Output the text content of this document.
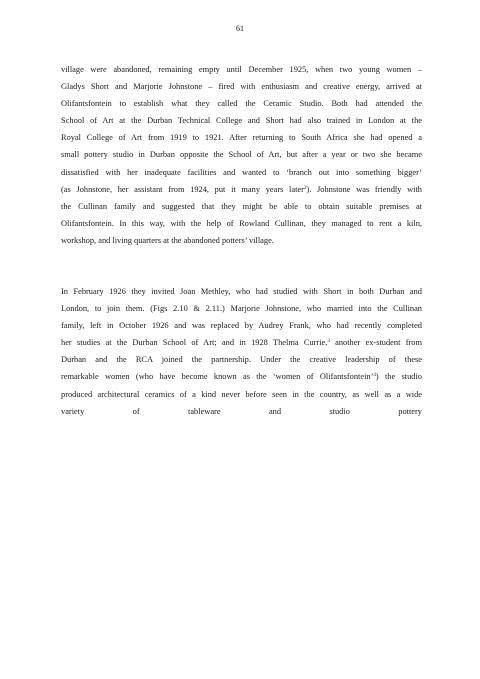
61
village were abandoned, remaining empty until December 1925, when two young women –
Gladys Short and Marjorie Johnstone – fired with enthusiasm and creative energy, arrived at
Olifantsfontein to establish what they called the Ceramic Studio. Both had attended the
School of Art at the Durban Technical College and Short had also trained in London at the
Royal College of Art from 1919 to 1921. After returning to South Africa she had opened a
small pottery studio in Durban opposite the School of Art, but after a year or two she became
dissatisfied with her inadequate facilities and wanted to ‘branch out into something bigger’
(as Johnstone, her assistant from 1924, put it many years later$^2$). Johnstone was friendly with
the Cullinan family and suggested that they might be able to obtain suitable premises at
Olifantsfontein. In this way, with the help of Rowland Cullinan, they managed to rent a kiln,
workshop, and living quarters at the abandoned potters’ village.
In February 1926 they invited Joan Methley, who had studied with Short in both Durban and
London, to join them. (Figs 2.10 & 2.11.) Marjorie Johnstone, who married into the Cullinan
family, left in October 1926 and was replaced by Audrey Frank, who had recently completed
her studies at the Durban School of Art; and in 1928 Thelma Currie,$^3$ another ex-student from
Durban and the RCA joined the partnership. Under the creative leadership of these
remarkable women (who have become known as the ‘women of Olifantsfontein’$^4$) the studio
produced architectural ceramics of a kind never before seen in the country, as well as a wide
variety	of	tableware	and	studio	pottery
